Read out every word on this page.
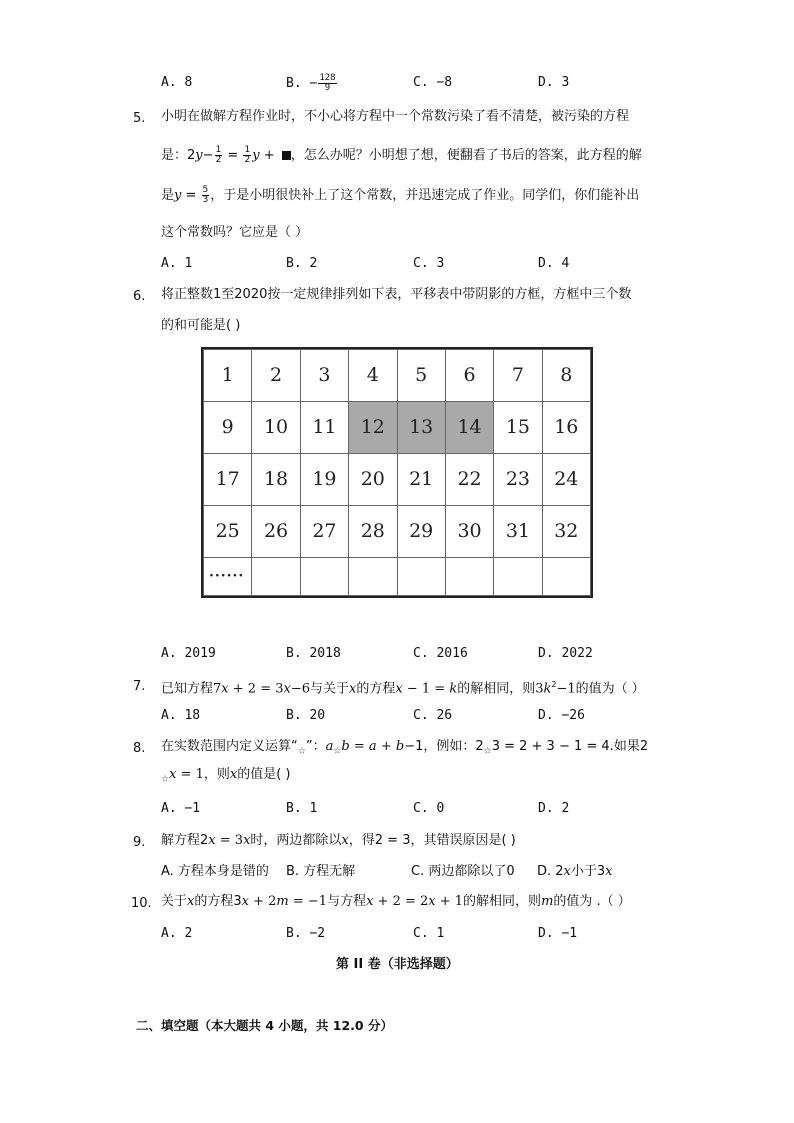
A. 8	B. − $\frac{128}{9}$	C. −8	D. 3
5. 小明在做解方程作业时，不小心将方程中一个常数污染了看不清楚，被污染的方程
是：$2y- \frac{1}{2} = \frac{1}{2}$ y + ，怎么办呢？小明想了想，便翻看了书后的答案，此方程的解
是$y = \frac{5}{3}$ ，于是小明很快补上了这个常数，并迅速完成了作业。同学们，你们能补出
这个常数吗？它应是（ ）
A. 1	B. 2	C. 3	D. 4
6. 将正整数1至2020按一定规律排列如下表，平移表中带阴影的方框，方框中三个数
的和可能是( )
1	2	3	4	5	6	7	8
9	10	11	12	13	14	15	16
17	18	19	20	21	22	23	24
25	26	27	28	29	30	31	32
······							
A. 2019	B. 2018	C. 2016	D. 2022
7. 已知方程7x + 2 = 3x−6与关于x的方程x − 1 = k的解相同，则$3k^2-1$的值为（ ）
A. 18	B. 20	C. 26	D. −26
8. 在实数范围内定义运算“$_☆$”：$a_☆b = a + b-1$，例如：$2_☆3 = 2 + 3 - 1 = 4$.如果2
$_☆$x = 1，则x的值是( )
A. −1	B. 1	C. 0	D. 2
9. 解方程2x = 3x时，两边都除以x，得2 = 3，其错误原因是( )
A. 方程本身是错的 B. 方程无解	C. 两边都除以了0 D. 2x小于3x
10. 关于x的方程3x + 2m = −1与方程x + 2 = 2x + 1的解相同，则m的值为 .（ ）
A. 2	B. −2	C. 1	D. −1
第 II 卷（非选择题）
二、填空题（本大题共 4 小题，共 12.0 分）
